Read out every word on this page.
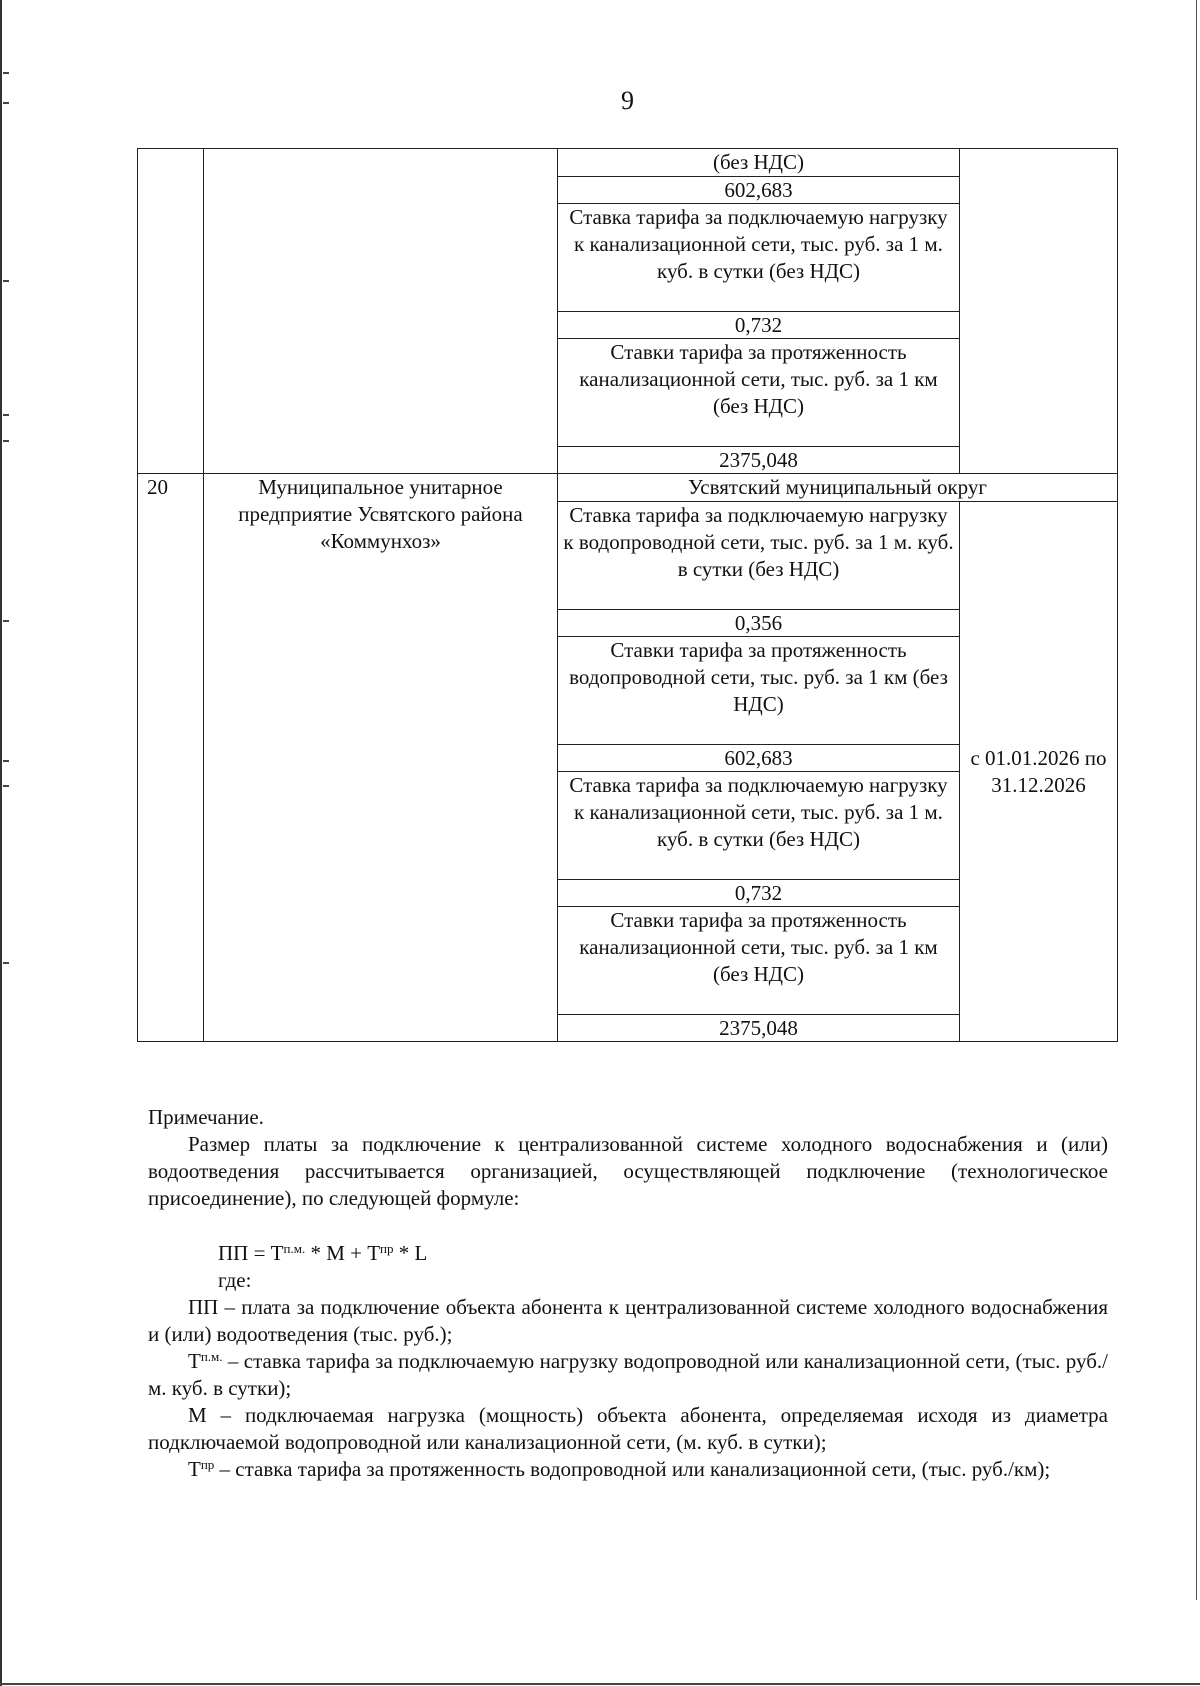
9
		(без НДС)	
		602,683	
		Ставка тарифа за подключаемую нагрузку к канализационной сети, тыс. руб. за 1 м. куб. в сутки (без НДС)	
		0,732	
		Ставки тарифа за протяженность канализационной сети, тыс. руб. за 1 км (без НДС)	
		2375,048	
20	Муниципальное унитарное предприятие Усвятского района «Коммунхоз»	Усвятский муниципальный округ	
		Ставка тарифа за подключаемую нагрузку к водопроводной сети, тыс. руб. за 1 м. куб. в сутки (без НДС)	с 01.01.2026 по 31.12.2026
		0,356	
		Ставки тарифа за протяженность водопроводной сети, тыс. руб. за 1 км (без НДС)	
		602,683	
		Ставка тарифа за подключаемую нагрузку к канализационной сети, тыс. руб. за 1 м. куб. в сутки (без НДС)	
		0,732	
		Ставки тарифа за протяженность канализационной сети, тыс. руб. за 1 км (без НДС)	
		2375,048	

Примечание.

Размер платы за подключение к централизованной системе холодного водоснабжения и (или) водоотведения рассчитывается организацией, осуществляющей подключение (технологическое присоединение), по следующей формуле:

ПП = $Т^{п.м.} * М + Т^{пр} * L$

где:

ПП – плата за подключение объекта абонента к централизованной системе холодного водоснабжения и (или) водоотведения (тыс. руб.);

$Т^{п.м.}$ – ставка тарифа за подключаемую нагрузку водопроводной или канализационной сети, (тыс. руб./м. куб. в сутки);

М – подключаемая нагрузка (мощность) объекта абонента, определяемая исходя из диаметра подключаемой водопроводной или канализационной сети, (м. куб. в сутки);

$Т^{пр}$ – ставка тарифа за протяженность водопроводной или канализационной сети, (тыс. руб./км);
